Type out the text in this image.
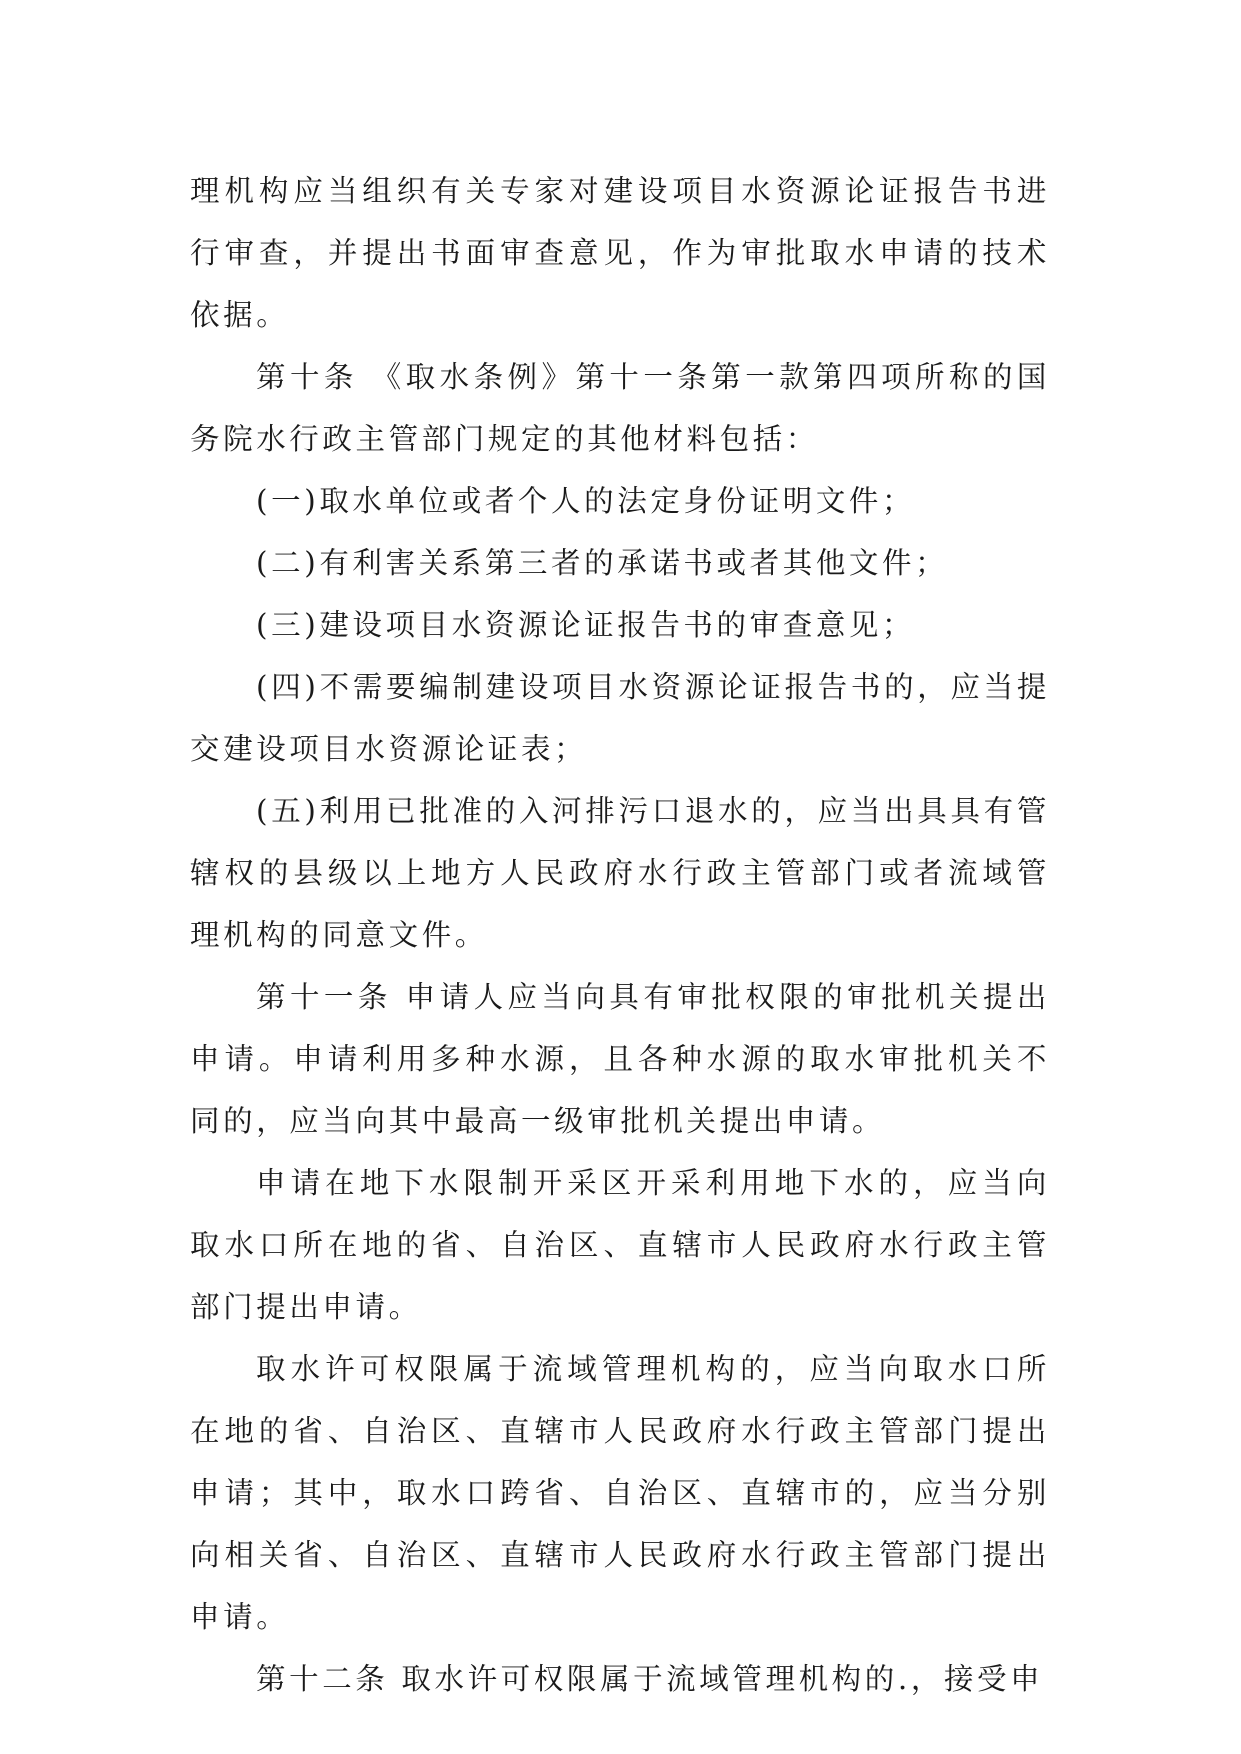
理机构应当组织有关专家对建设项目水资源论证报告书进行审查，并提出书面审查意见，作为审批取水申请的技术依据。

第十条 《取水条例》第十一条第一款第四项所称的国务院水行政主管部门规定的其他材料包括：

(一)取水单位或者个人的法定身份证明文件；

(二)有利害关系第三者的承诺书或者其他文件；

(三)建设项目水资源论证报告书的审查意见；

(四)不需要编制建设项目水资源论证报告书的，应当提交建设项目水资源论证表；

(五)利用已批准的入河排污口退水的，应当出具具有管辖权的县级以上地方人民政府水行政主管部门或者流域管理机构的同意文件。

第十一条 申请人应当向具有审批权限的审批机关提出申请。申请利用多种水源，且各种水源的取水审批机关不同的，应当向其中最高一级审批机关提出申请。

申请在地下水限制开采区开采利用地下水的，应当向取水口所在地的省、自治区、直辖市人民政府水行政主管部门提出申请。

取水许可权限属于流域管理机构的，应当向取水口所在地的省、自治区、直辖市人民政府水行政主管部门提出申请；其中，取水口跨省、自治区、直辖市的，应当分别向相关省、自治区、直辖市人民政府水行政主管部门提出申请。

第十二条 取水许可权限属于流域管理机构的.，接受申
